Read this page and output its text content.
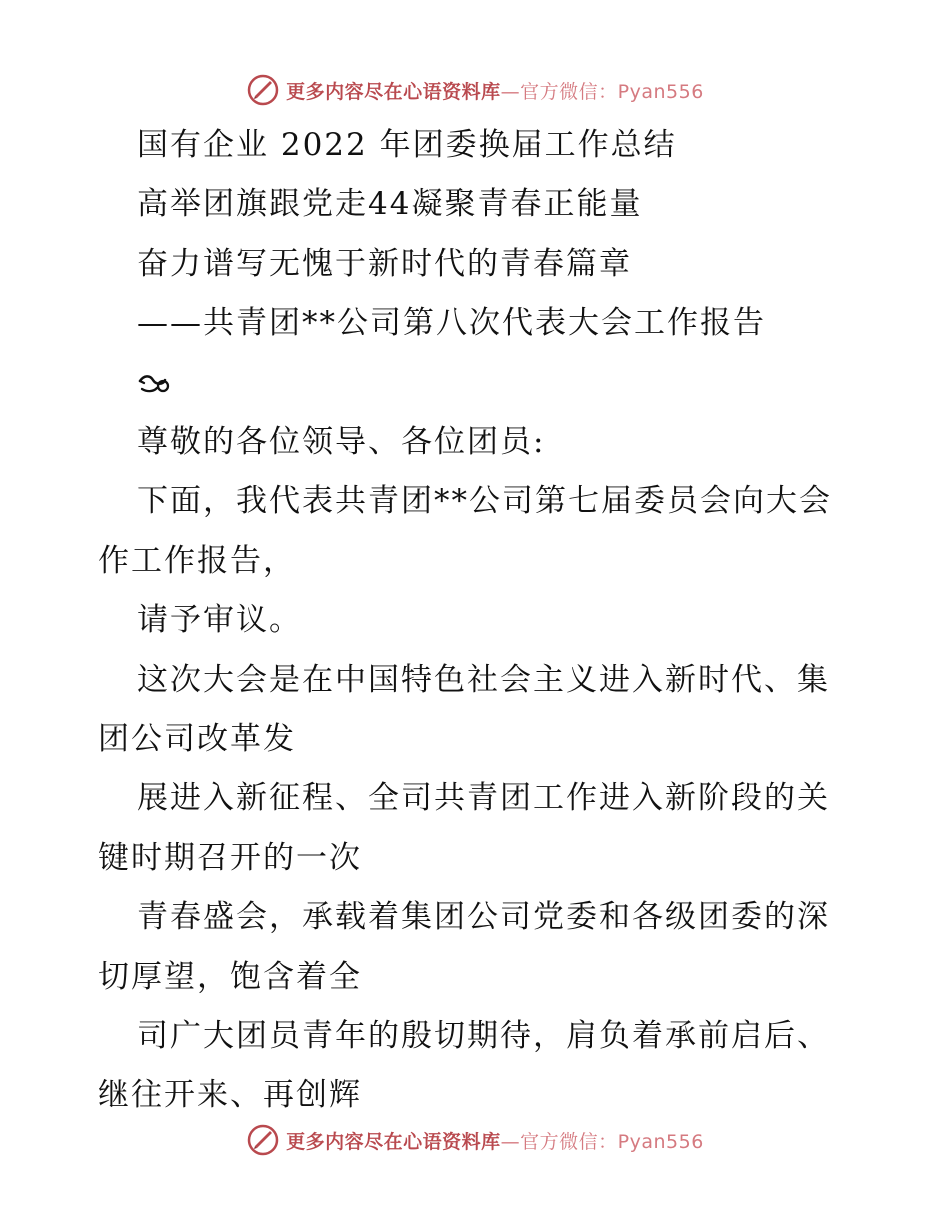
更多内容尽在心语资料库 —官方微信：Pyan556

国有企业 2022 年团委换届工作总结

高举团旗跟党走44凝聚青春正能量

奋力谱写无愧于新时代的青春篇章

——共青团**公司第八次代表大会工作报告

尊敬的各位领导、各位团员:

下面，我代表共青团**公司第七届委员会向大会

作工作报告，

请予审议。

这次大会是在中国特色社会主义进入新时代、集

团公司改革发

展进入新征程、全司共青团工作进入新阶段的关

键时期召开的一次

青春盛会，承载着集团公司党委和各级团委的深

切厚望，饱含着全

司广大团员青年的殷切期待，肩负着承前启后、

继往开来、再创辉

更多内容尽在心语资料库 —官方微信：Pyan556
